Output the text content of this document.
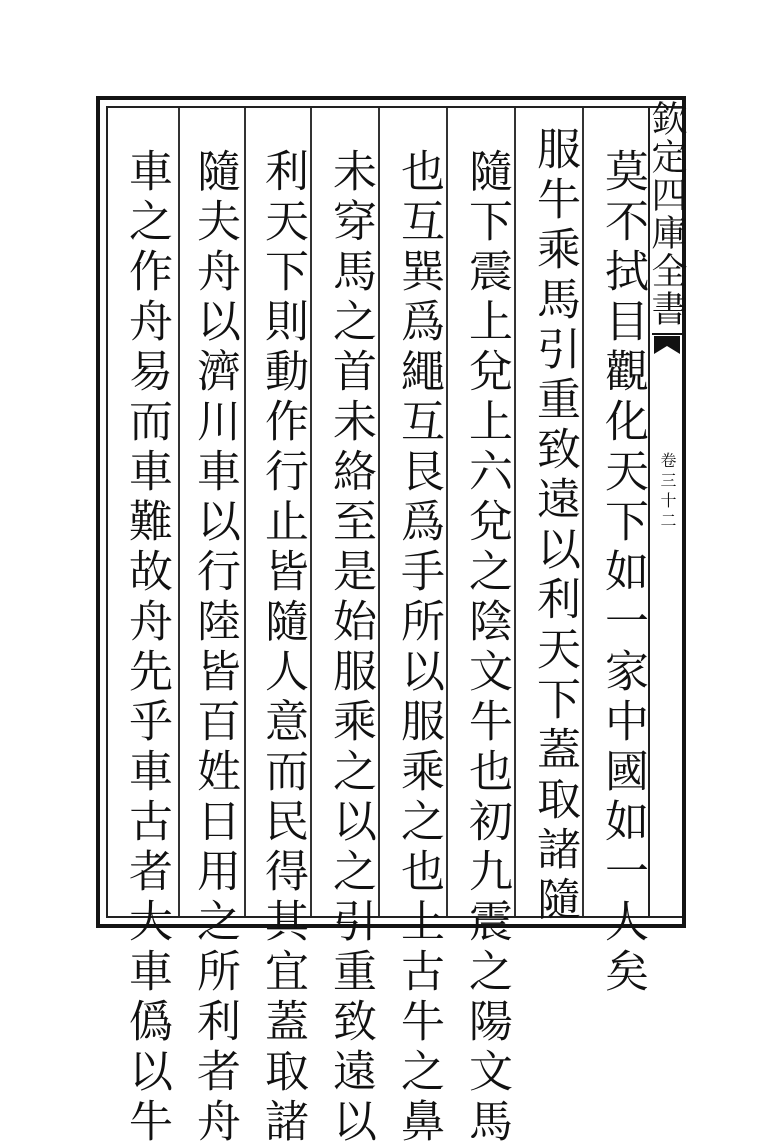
莫不拭目觀化天下如一家中國如一人矣
服牛乘馬引重致遠以利天下蓋取諸隨
隨下震上兌上六兌之陰文牛也初九震之陽文馬
也互巽爲繩互艮爲手所以服乘之也上古牛之鼻
未穿馬之首未絡至是始服乘之以之引重致遠以
利天下則動作行止皆隨人意而民得其宜蓋取諸
隨夫舟以濟川車以行陸皆百姓日用之所利者舟
車之作舟易而車難故舟先乎車古者大車僞以牛	欽定四庫全書
卷三十二
